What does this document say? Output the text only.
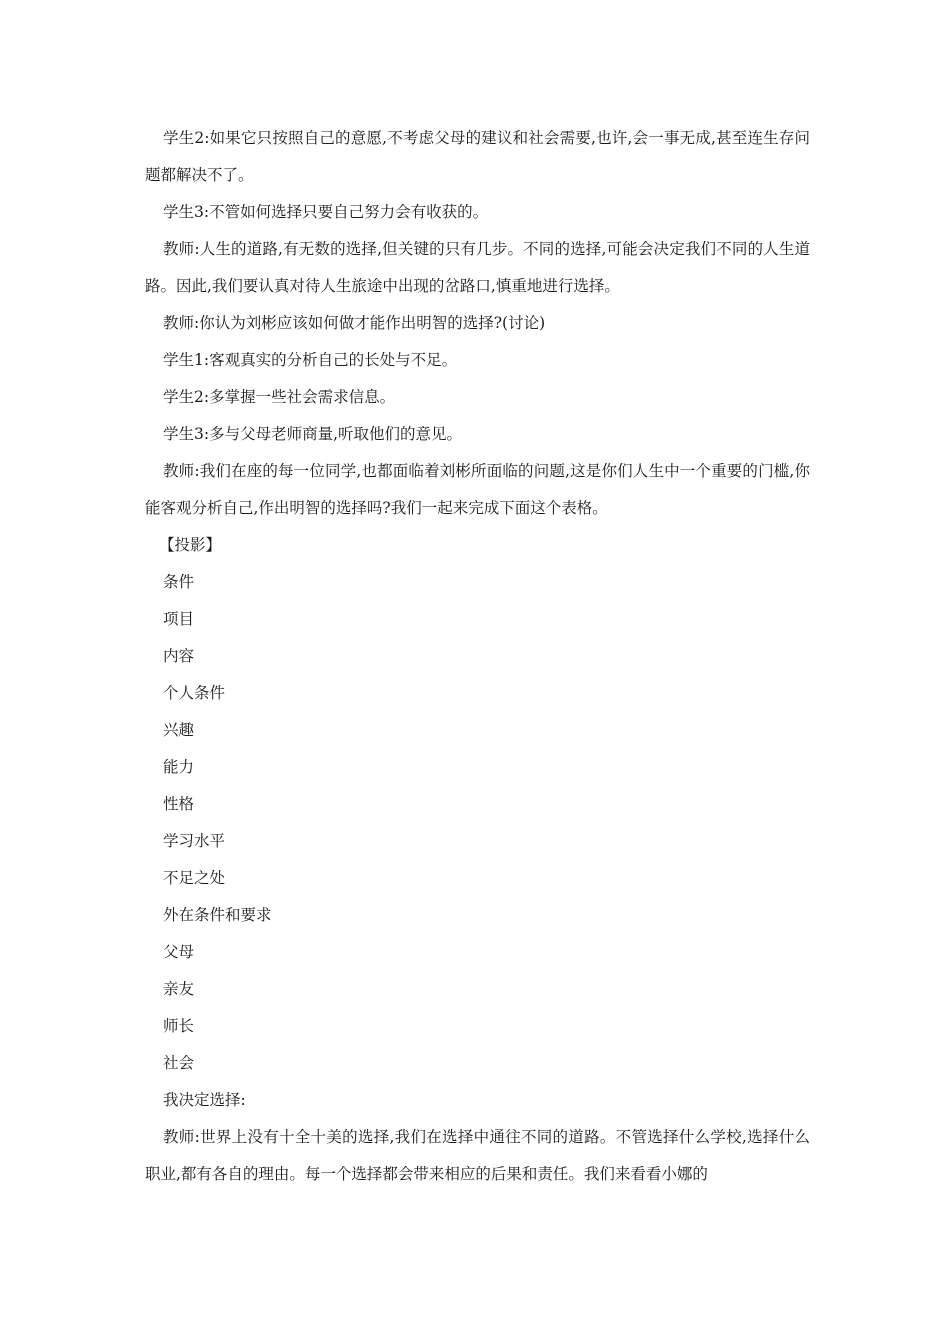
学生2:如果它只按照自己的意愿,不考虑父母的建议和社会需要,也许,会一事无成,甚至连生存问题都解决不了。

学生3:不管如何选择只要自己努力会有收获的。

教师:人生的道路,有无数的选择,但关键的只有几步。不同的选择,可能会决定我们不同的人生道路。因此,我们要认真对待人生旅途中出现的岔路口,慎重地进行选择。

教师:你认为刘彬应该如何做才能作出明智的选择?(讨论)

学生1:客观真实的分析自己的长处与不足。

学生2:多掌握一些社会需求信息。

学生3:多与父母老师商量,听取他们的意见。

教师:我们在座的每一位同学,也都面临着刘彬所面临的问题,这是你们人生中一个重要的门槛,你能客观分析自己,作出明智的选择吗?我们一起来完成下面这个表格。

【投影】

条件

项目

内容

个人条件

兴趣

能力

性格

学习水平

不足之处

外在条件和要求

父母

亲友

师长

社会

我决定选择:

教师:世界上没有十全十美的选择,我们在选择中通往不同的道路。不管选择什么学校,选择什么职业,都有各自的理由。每一个选择都会带来相应的后果和责任。我们来看看小娜的
